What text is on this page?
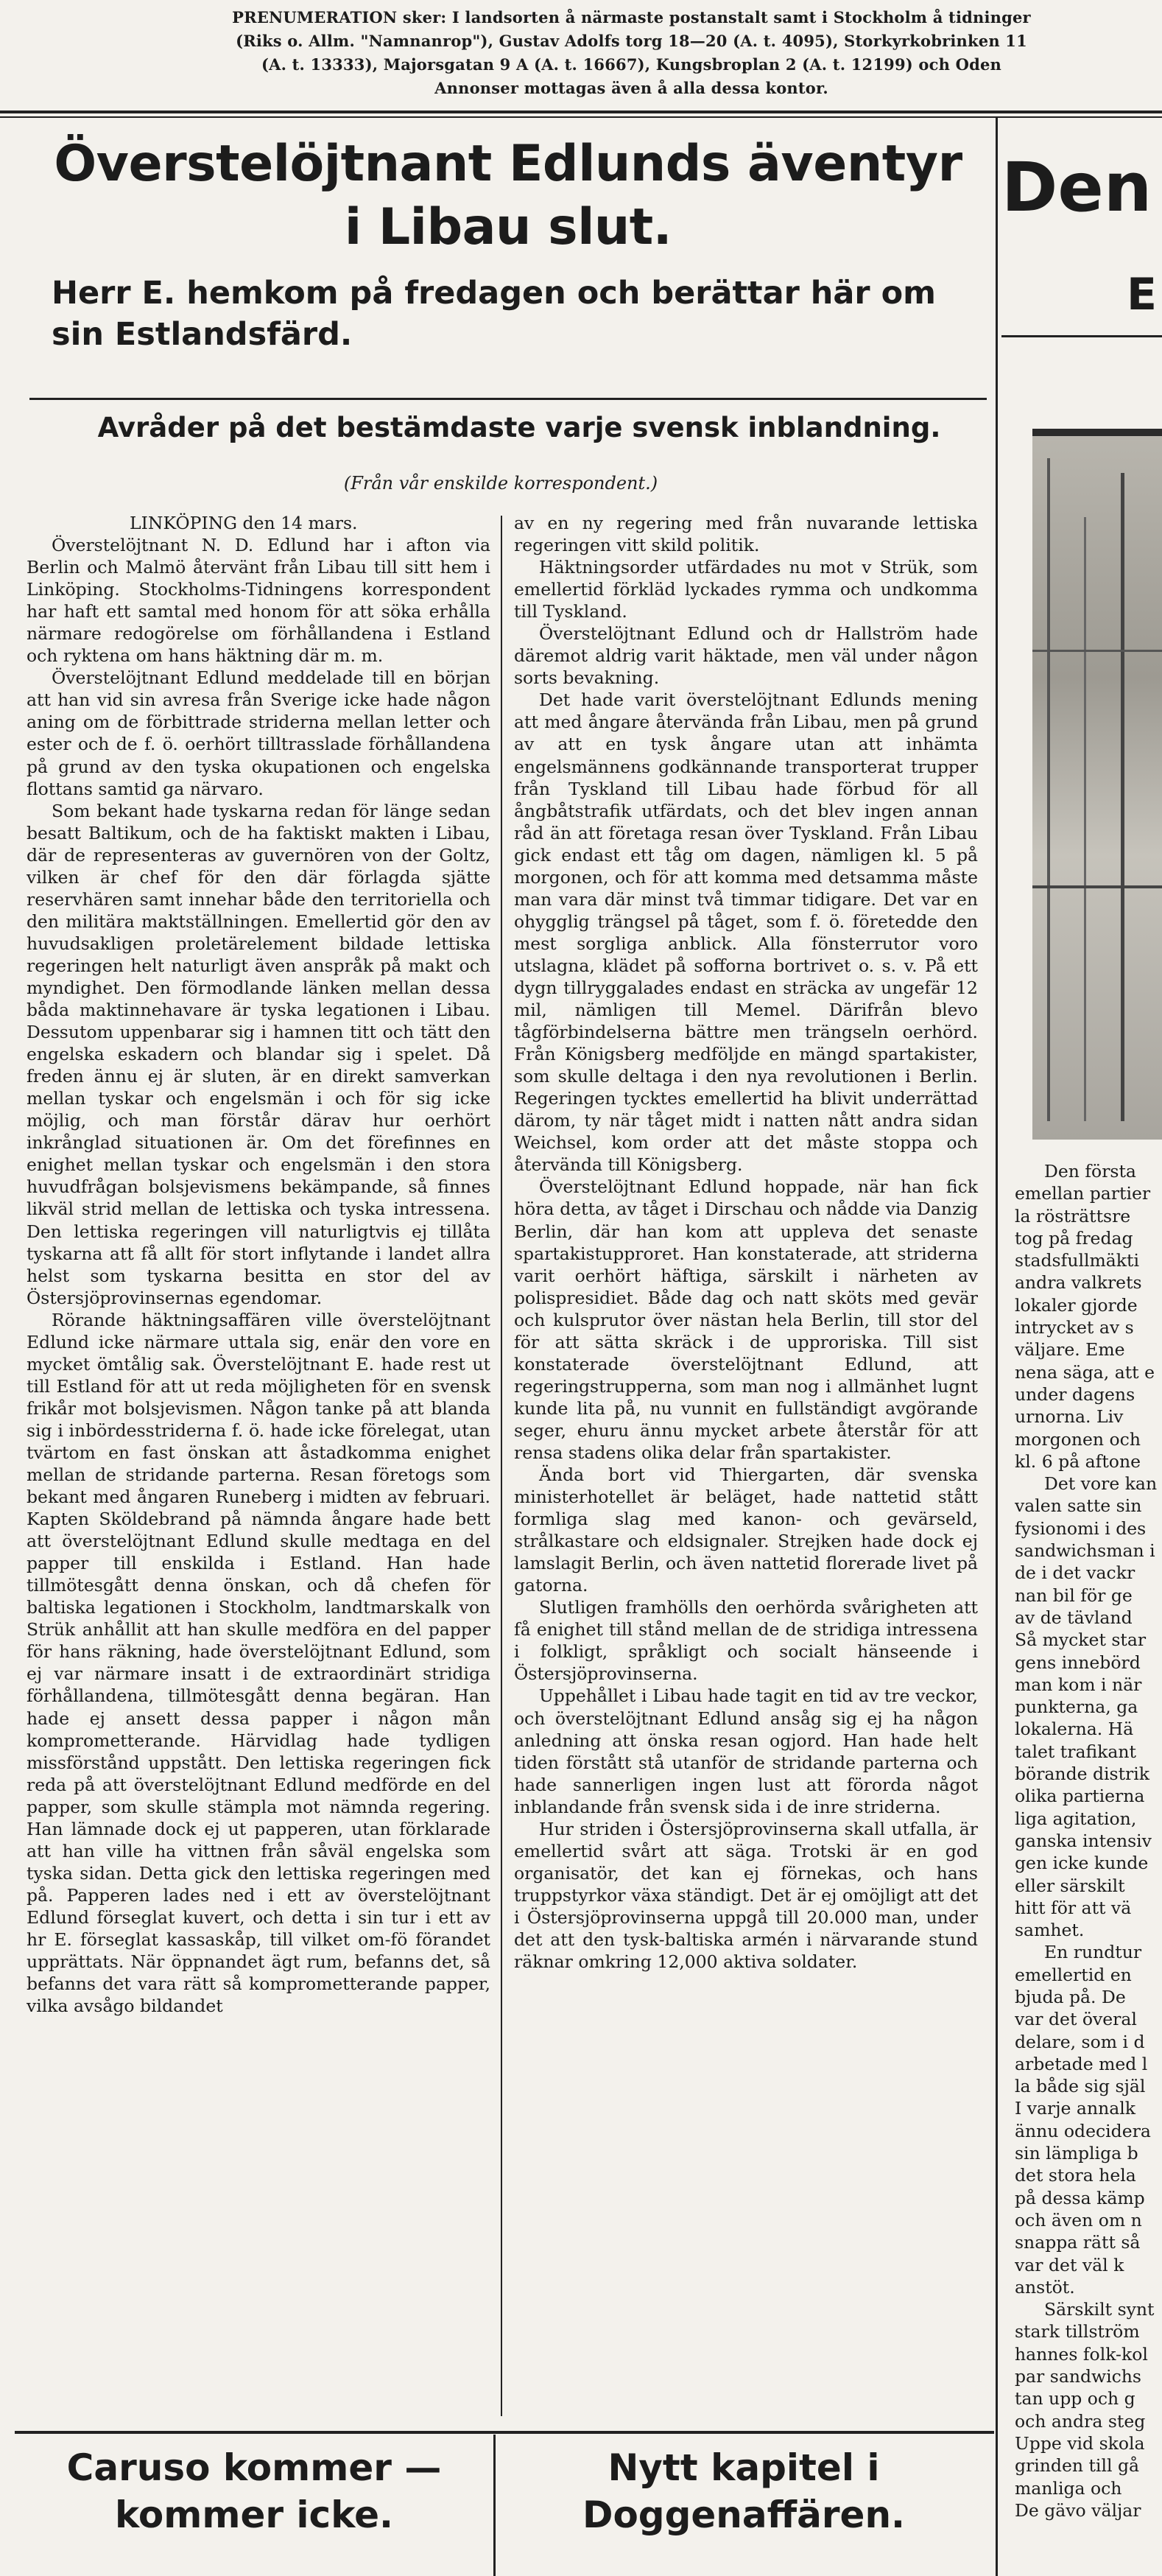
PRENUMERATION sker: I landsorten å närmaste postanstalt samt i Stockholm å tidninger
(Riks o. Allm. "Namnanrop"), Gustav Adolfs torg 18—20 (A. t. 4095), Storkyrkobrinken 11
(A. t. 13333), Majorsgatan 9 A (A. t. 16667), Kungsbroplan 2 (A. t. 12199) och Oden
Annonser mottagas även å alla dessa kontor.
Överstelöjtnant Edlunds äventyr
i Libau slut.
Herr E. hemkom på fredagen och berättar här om sin Estlandsfärd.
Avråder på det bestämdaste varje svensk inblandning.
(Från vår enskilde korrespondent.)

LINKÖPING den 14 mars.

Överstelöjtnant N. D. Edlund har i afton via Berlin och Malmö återvänt från Libau till sitt hem i Linköping. Stockholms-Tidningens korrespondent har haft ett samtal med honom för att söka erhålla närmare redogörelse om förhållandena i Estland och ryktena om hans häktning där m. m.

Överstelöjtnant Edlund meddelade till en början att han vid sin avresa från Sverige icke hade någon aning om de förbittrade striderna mellan letter och ester och de f. ö. oerhört tilltrasslade förhållandena på grund av den tyska okupationen och engelska flottans samtid ga närvaro.

Som bekant hade tyskarna redan för länge sedan besatt Baltikum, och de ha faktiskt makten i Libau, där de representeras av guvernören von der Goltz, vilken är chef för den där förlagda sjätte reservhären samt innehar både den territoriella och den militära maktställningen. Emellertid gör den av huvudsakligen proletärelement bildade lettiska regeringen helt naturligt även anspråk på makt och myndighet. Den förmodlande länken mellan dessa båda maktinnehavare är tyska legationen i Libau. Dessutom uppenbarar sig i hamnen titt och tätt den engelska eskadern och blandar sig i spelet. Då freden ännu ej är sluten, är en direkt samverkan mellan tyskar och engelsmän i och för sig icke möjlig, och man förstår därav hur oerhört inkrånglad situationen är. Om det förefinnes en enighet mellan tyskar och engelsmän i den stora huvudfrågan bolsjevismens bekämpande, så finnes likväl strid mellan de lettiska och tyska intressena. Den lettiska regeringen vill naturligtvis ej tillåta tyskarna att få allt för stort inflytande i landet allra helst som tyskarna besitta en stor del av Östersjöprovinsernas egendomar.

Rörande häktningsaffären ville överstelöjtnant Edlund icke närmare uttala sig, enär den vore en mycket ömtålig sak. Överstelöjtnant E. hade rest ut till Estland för att ut reda möjligheten för en svensk frikår mot bolsjevismen. Någon tanke på att blanda sig i inbördesstriderna f. ö. hade icke förelegat, utan tvärtom en fast önskan att åstadkomma enighet mellan de stridande parterna. Resan företogs som bekant med ångaren Runeberg i midten av februari. Kapten Sköldebrand på nämnda ångare hade bett att överstelöjtnant Edlund skulle medtaga en del papper till enskilda i Estland. Han hade tillmötesgått denna önskan, och då chefen för baltiska legationen i Stockholm, landtmarskalk von Strük anhållit att han skulle medföra en del papper för hans räkning, hade överstelöjtnant Edlund, som ej var närmare insatt i de extraordinärt stridiga förhållandena, tillmötesgått denna begäran. Han hade ej ansett dessa papper i någon mån komprometterande. Härvidlag hade tydligen missförstånd uppstått. Den lettiska regeringen fick reda på att överstelöjtnant Edlund medförde en del papper, som skulle stämpla mot nämnda regering. Han lämnade dock ej ut papperen, utan förklarade att han ville ha vittnen från såväl engelska som tyska sidan. Detta gick den lettiska regeringen med på. Papperen lades ned i ett av överstelöjtnant Edlund förseglat kuvert, och detta i sin tur i ett av hr E. förseglat kassaskåp, till vilket om-fö förandet upprättats. När öppnandet ägt rum, befanns det, så befanns det vara rätt så komprometterande papper, vilka avsågo bildandet

av en ny regering med från nuvarande lettiska regeringen vitt skild politik.

Häktningsorder utfärdades nu mot v Strük, som emellertid förkläd lyckades rymma och undkomma till Tyskland.

Överstelöjtnant Edlund och dr Hallström hade däremot aldrig varit häktade, men väl under någon sorts bevakning.

Det hade varit överstelöjtnant Edlunds mening att med ångare återvända från Libau, men på grund av att en tysk ångare utan att inhämta engelsmännens godkännande transporterat trupper från Tyskland till Libau hade förbud för all ångbåtstrafik utfärdats, och det blev ingen annan råd än att företaga resan över Tyskland. Från Libau gick endast ett tåg om dagen, nämligen kl. 5 på morgonen, och för att komma med detsamma måste man vara där minst två timmar tidigare. Det var en ohygglig trängsel på tåget, som f. ö. företedde den mest sorgliga anblick. Alla fönsterrutor voro utslagna, klädet på sofforna bortrivet o. s. v. På ett dygn tillryggalades endast en sträcka av ungefär 12 mil, nämligen till Memel. Därifrån blevo tågförbindelserna bättre men trängseln oerhörd. Från Königsberg medföljde en mängd spartakister, som skulle deltaga i den nya revolutionen i Berlin. Regeringen tycktes emellertid ha blivit underrättad därom, ty när tåget midt i natten nått andra sidan Weichsel, kom order att det måste stoppa och återvända till Königsberg.

Överstelöjtnant Edlund hoppade, när han fick höra detta, av tåget i Dirschau och nådde via Danzig Berlin, där han kom att uppleva det senaste spartakistupproret. Han konstaterade, att striderna varit oerhört häftiga, särskilt i närheten av polispresidiet. Både dag och natt sköts med gevär och kulsprutor över nästan hela Berlin, till stor del för att sätta skräck i de upproriska. Till sist konstaterade överstelöjtnant Edlund, att regeringstrupperna, som man nog i allmänhet lugnt kunde lita på, nu vunnit en fullständigt avgörande seger, ehuru ännu mycket arbete återstår för att rensa stadens olika delar från spartakister.

Ända bort vid Thiergarten, där svenska ministerhotellet är beläget, hade nattetid stått formliga slag med kanon- och gevärseld, strålkastare och eldsignaler. Strejken hade dock ej lamslagit Berlin, och även nattetid florerade livet på gatorna.

Slutligen framhölls den oerhörda svårigheten att få enighet till stånd mellan de de stridiga intressena i folkligt, språkligt och socialt hänseende i Östersjöprovinserna.

Uppehållet i Libau hade tagit en tid av tre veckor, och överstelöjtnant Edlund ansåg sig ej ha någon anledning att önska resan ogjord. Han hade helt tiden förstått stå utanför de stridande parterna och hade sannerligen ingen lust att förorda något inblandande från svensk sida i de inre striderna.

Hur striden i Östersjöprovinserna skall utfalla, är emellertid svårt att säga. Trotski är en god organisatör, det kan ej förnekas, och hans truppstyrkor växa ständigt. Det är ej omöjligt att det i Östersjöprovinserna uppgå till 20.000 man, under det att den tysk-baltiska armén i närvarande stund räknar omkring 12,000 aktiva soldater.

Caruso kommer — kommer icke.
Nytt kapitel i Doggenaffären.
Den
E
Den första
emellan partier
la rösträttsre
tog på fredag
stadsfullmäkti
andra valkrets
lokaler gjorde
intrycket av s
väljare. Eme
nena säga, att e
under dagens
urnorna. Liv
morgonen och
kl. 6 på aftone
Det vore kan
valen satte sin
fysionomi i des
sandwichsman i
de i det vackr
nan bil för ge
av de tävland
Så mycket star
gens innebörd
man kom i när
punkterna, ga
lokalerna. Hä
talet trafikant
börande distrik
olika partierna
liga agitation,
ganska intensiv
gen icke kunde
eller särskilt
hitt för att vä
samhet.
En rundtur
emellertid en
bjuda på. De
var det överal
delare, som i d
arbetade med l
la både sig själ
I varje annalk
ännu odecidera
sin lämpliga b
det stora hela
på dessa kämp
och även om n
snappa rätt så
var det väl k
anstöt.
Särskilt synt
stark tillström
hannes folk-kol
par sandwichs
tan upp och g
och andra steg
Uppe vid skola
grinden till gå
manliga och
De gävo väljar
